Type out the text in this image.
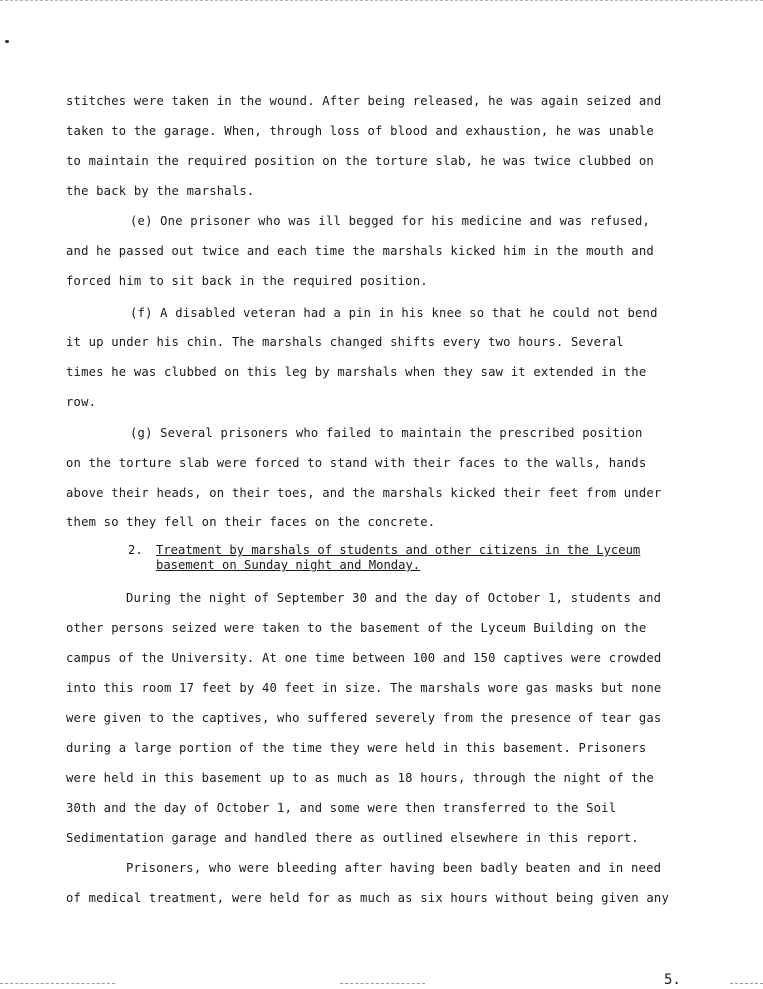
stitches were taken in the wound. After being released, he was again seized and
taken to the garage. When, through loss of blood and exhaustion, he was unable
to maintain the required position on the torture slab, he was twice clubbed on
the back by the marshals.
(e) One prisoner who was ill begged for his medicine and was refused,
and he passed out twice and each time the marshals kicked him in the mouth and
forced him to sit back in the required position.
(f) A disabled veteran had a pin in his knee so that he could not bend
it up under his chin. The marshals changed shifts every two hours. Several
times he was clubbed on this leg by marshals when they saw it extended in the
row.
(g) Several prisoners who failed to maintain the prescribed position
on the torture slab were forced to stand with their faces to the walls, hands
above their heads, on their toes, and the marshals kicked their feet from under
them so they fell on their faces on the concrete.
2. Treatment by marshals of students and other citizens in the Lyceum
basement on Sunday night and Monday.
During the night of September 30 and the day of October 1, students and
other persons seized were taken to the basement of the Lyceum Building on the
campus of the University. At one time between 100 and 150 captives were crowded
into this room 17 feet by 40 feet in size. The marshals wore gas masks but none
were given to the captives, who suffered severely from the presence of tear gas
during a large portion of the time they were held in this basement. Prisoners
were held in this basement up to as much as 18 hours, through the night of the
30th and the day of October 1, and some were then transferred to the Soil
Sedimentation garage and handled there as outlined elsewhere in this report.
Prisoners, who were bleeding after having been badly beaten and in need
of medical treatment, were held for as much as six hours without being given any
5.
